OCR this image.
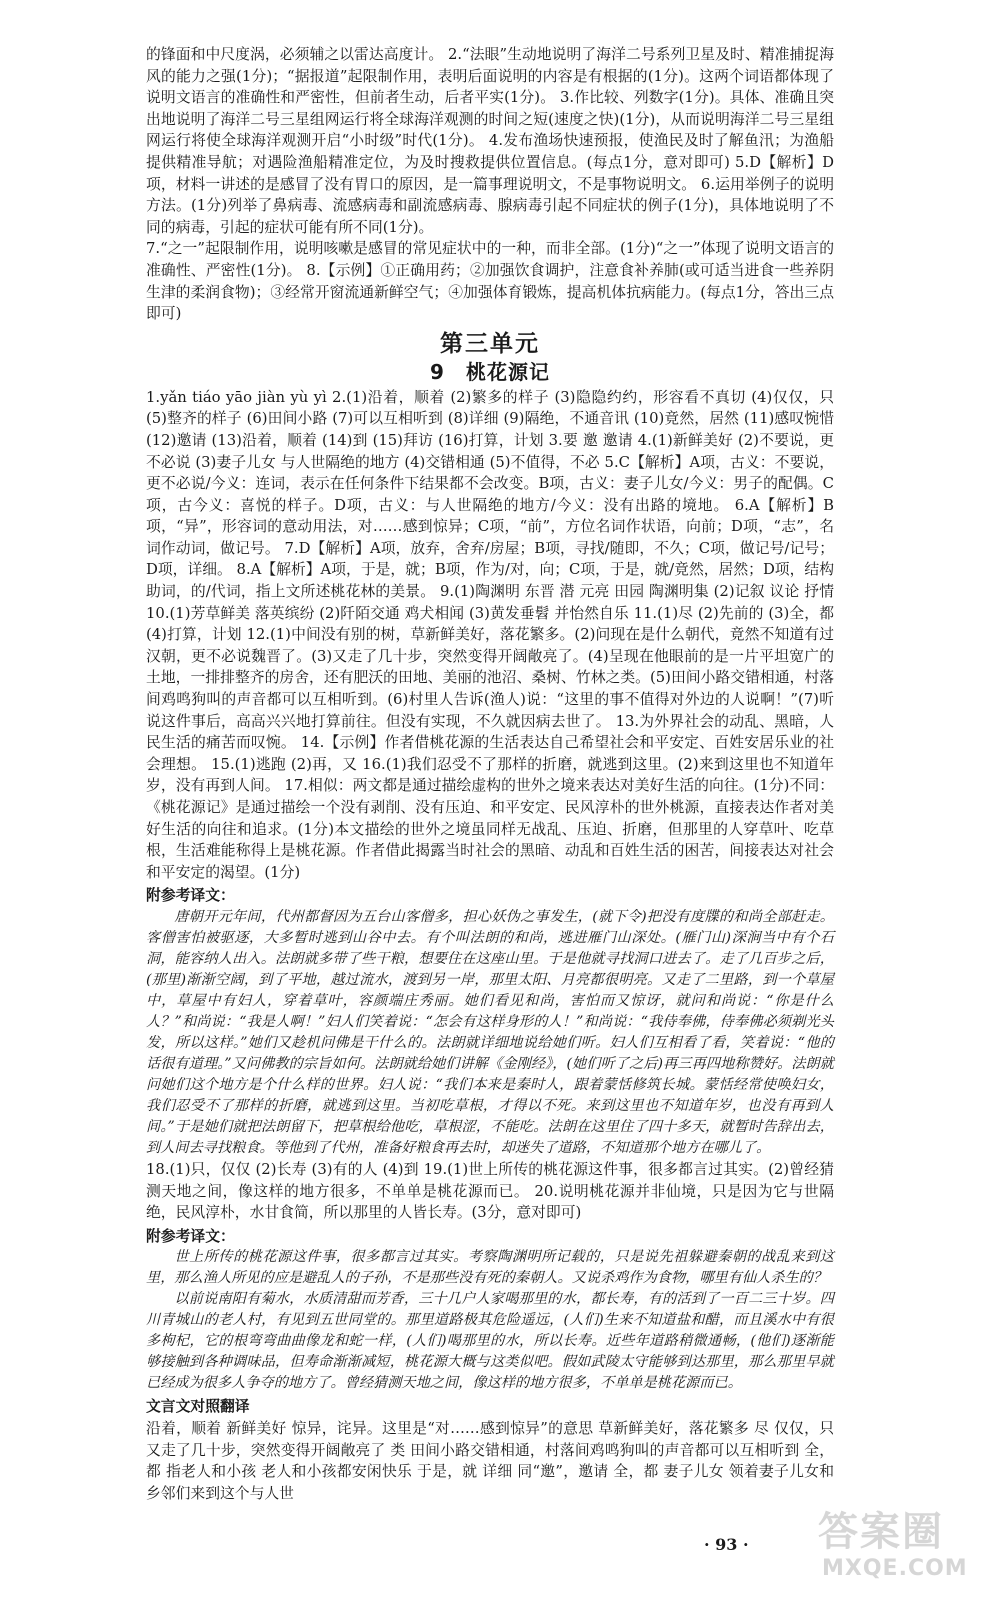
的锋面和中尺度涡，必须辅之以雷达高度计。 2.“法眼”生动地说明了海洋二号系列卫星及时、精准捕捉海风的能力之强(1分)；“据报道”起限制作用，表明后面说明的内容是有根据的(1分)。这两个词语都体现了说明文语言的准确性和严密性，但前者生动，后者平实(1分)。 3.作比较、列数字(1分)。具体、准确且突出地说明了海洋二号三星组网运行将全球海洋观测的时间之短(速度之快)(1分)，从而说明海洋二号三星组网运行将使全球海洋观测开启“小时级”时代(1分)。 4.发布渔场快速预报，使渔民及时了解鱼汛；为渔船提供精准导航；对遇险渔船精准定位，为及时搜救提供位置信息。(每点1分，意对即可) 5.D【解析】D项，材料一讲述的是感冒了没有胃口的原因，是一篇事理说明文，不是事物说明文。 6.运用举例子的说明方法。(1分)列举了鼻病毒、流感病毒和副流感病毒、腺病毒引起不同症状的例子(1分)，具体地说明了不同的病毒，引起的症状可能有所不同(1分)。

7.“之一”起限制作用，说明咳嗽是感冒的常见症状中的一种，而非全部。(1分)“之一”体现了说明文语言的准确性、严密性(1分)。 8.【示例】①正确用药；②加强饮食调护，注意食补养肺(或可适当进食一些养阴生津的柔润食物)；③经常开窗流通新鲜空气；④加强体育锻炼，提高机体抗病能力。(每点1分，答出三点即可)

第三单元
9　桃花源记

1.yǎn tiáo yāo jiàn yù yì 2.(1)沿着，顺着 (2)繁多的样子 (3)隐隐约约，形容看不真切 (4)仅仅，只 (5)整齐的样子 (6)田间小路 (7)可以互相听到 (8)详细 (9)隔绝，不通音讯 (10)竟然，居然 (11)感叹惋惜 (12)邀请 (13)沿着，顺着 (14)到 (15)拜访 (16)打算，计划 3.要 邀 邀请 4.(1)新鲜美好 (2)不要说，更不必说 (3)妻子儿女 与人世隔绝的地方 (4)交错相通 (5)不值得，不必 5.C【解析】A项，古义：不要说，更不必说/今义：连词，表示在任何条件下结果都不会改变。B项，古义：妻子儿女/今义：男子的配偶。C项，古今义：喜悦的样子。D项，古义：与人世隔绝的地方/今义：没有出路的境地。 6.A【解析】B项，“异”，形容词的意动用法，对……感到惊异；C项，“前”，方位名词作状语，向前；D项，“志”，名词作动词，做记号。 7.D【解析】A项，放弃，舍弃/房屋；B项，寻找/随即，不久；C项，做记号/记号；D项，详细。 8.A【解析】A项，于是，就；B项，作为/对，向；C项，于是，就/竟然，居然；D项，结构助词，的/代词，指上文所述桃花林的美景。 9.(1)陶渊明 东晋 潜 元亮 田园 陶渊明集 (2)记叙 议论 抒情 10.(1)芳草鲜美 落英缤纷 (2)阡陌交通 鸡犬相闻 (3)黄发垂髫 并怡然自乐 11.(1)尽 (2)先前的 (3)全，都 (4)打算，计划 12.(1)中间没有别的树，草新鲜美好，落花繁多。(2)问现在是什么朝代，竟然不知道有过汉朝，更不必说魏晋了。(3)又走了几十步，突然变得开阔敞亮了。(4)呈现在他眼前的是一片平坦宽广的土地，一排排整齐的房舍，还有肥沃的田地、美丽的池沼、桑树、竹林之类。(5)田间小路交错相通，村落间鸡鸣狗叫的声音都可以互相听到。(6)村里人告诉(渔人)说：“这里的事不值得对外边的人说啊！”(7)听说这件事后，高高兴兴地打算前往。但没有实现，不久就因病去世了。 13.为外界社会的动乱、黑暗，人民生活的痛苦而叹惋。 14.【示例】作者借桃花源的生活表达自己希望社会和平安定、百姓安居乐业的社会理想。 15.(1)逃跑 (2)再，又 16.(1)我们忍受不了那样的折磨，就逃到这里。(2)来到这里也不知道年岁，没有再到人间。 17.相似：两文都是通过描绘虚构的世外之境来表达对美好生活的向往。(1分)不同：《桃花源记》是通过描绘一个没有剥削、没有压迫、和平安定、民风淳朴的世外桃源，直接表达作者对美好生活的向往和追求。(1分)本文描绘的世外之境虽同样无战乱、压迫、折磨，但那里的人穿草叶、吃草根，生活难能称得上是桃花源。作者借此揭露当时社会的黑暗、动乱和百姓生活的困苦，间接表达对社会和平安定的渴望。(1分)

附参考译文：

唐朝开元年间，代州都督因为五台山客僧多，担心妖伪之事发生，(就下令)把没有度牒的和尚全部赶走。客僧害怕被驱逐，大多暂时逃到山谷中去。有个叫法朗的和尚，逃进雁门山深处。(雁门山)深涧当中有个石洞，能容纳人出入。法朗就多带了些干粮，想要住在这座山里。于是他就寻找洞口进去了。走了几百步之后，(那里)渐渐空阔，到了平地，越过流水，渡到另一岸，那里太阳、月亮都很明亮。又走了二里路，到一个草屋中，草屋中有妇人，穿着草叶，容颜端庄秀丽。她们看见和尚，害怕而又惊讶，就问和尚说：“你是什么人？”和尚说：“我是人啊！”妇人们笑着说：“怎会有这样身形的人！”和尚说：“我侍奉佛，侍奉佛必须剃光头发，所以这样。”她们又趁机问佛是干什么的。法朗就详细地说给她们听。妇人们互相看了看，笑着说：“他的话很有道理。”又问佛教的宗旨如何。法朗就给她们讲解《金刚经》，(她们听了之后)再三再四地称赞好。法朗就问她们这个地方是个什么样的世界。妇人说：“我们本来是秦时人，跟着蒙恬修筑长城。蒙恬经常使唤妇女，我们忍受不了那样的折磨，就逃到这里。当初吃草根，才得以不死。来到这里也不知道年岁，也没有再到人间。”于是她们就把法朗留下，把草根给他吃，草根涩，不能吃。法朗在这里住了四十多天，就暂时告辞出去，到人间去寻找粮食。等他到了代州，准备好粮食再去时，却迷失了道路，不知道那个地方在哪儿了。

18.(1)只，仅仅 (2)长寿 (3)有的人 (4)到 19.(1)世上所传的桃花源这件事，很多都言过其实。(2)曾经猜测天地之间，像这样的地方很多，不单单是桃花源而已。 20.说明桃花源并非仙境，只是因为它与世隔绝，民风淳朴，水甘食简，所以那里的人皆长寿。(3分，意对即可)

附参考译文：

世上所传的桃花源这件事，很多都言过其实。考察陶渊明所记载的，只是说先祖躲避秦朝的战乱来到这里，那么渔人所见的应是避乱人的子孙，不是那些没有死的秦朝人。又说杀鸡作为食物，哪里有仙人杀生的？

以前说南阳有菊水，水质清甜而芳香，三十几户人家喝那里的水，都长寿，有的活到了一百二三十岁。四川青城山的老人村，有见到五世同堂的。那里道路极其危险遥远，(人们)生来不知道盐和醋，而且溪水中有很多枸杞，它的根弯弯曲曲像龙和蛇一样，(人们)喝那里的水，所以长寿。近些年道路稍微通畅，(他们)逐渐能够接触到各种调味品，但寿命渐渐减短，桃花源大概与这类似吧。假如武陵太守能够到达那里，那么那里早就已经成为很多人争夺的地方了。曾经猜测天地之间，像这样的地方很多，不单单是桃花源而已。

文言文对照翻译

沿着，顺着 新鲜美好 惊异，诧异。这里是“对……感到惊异”的意思 草新鲜美好，落花繁多 尽 仅仅，只 又走了几十步，突然变得开阔敞亮了 类 田间小路交错相通，村落间鸡鸣狗叫的声音都可以互相听到 全，都 指老人和小孩 老人和小孩都安闲快乐 于是，就 详细 同“邀”，邀请 全，都 妻子儿女 领着妻子儿女和乡邻们来到这个与人世

· 93 · 答案圈
MXQE.COM
